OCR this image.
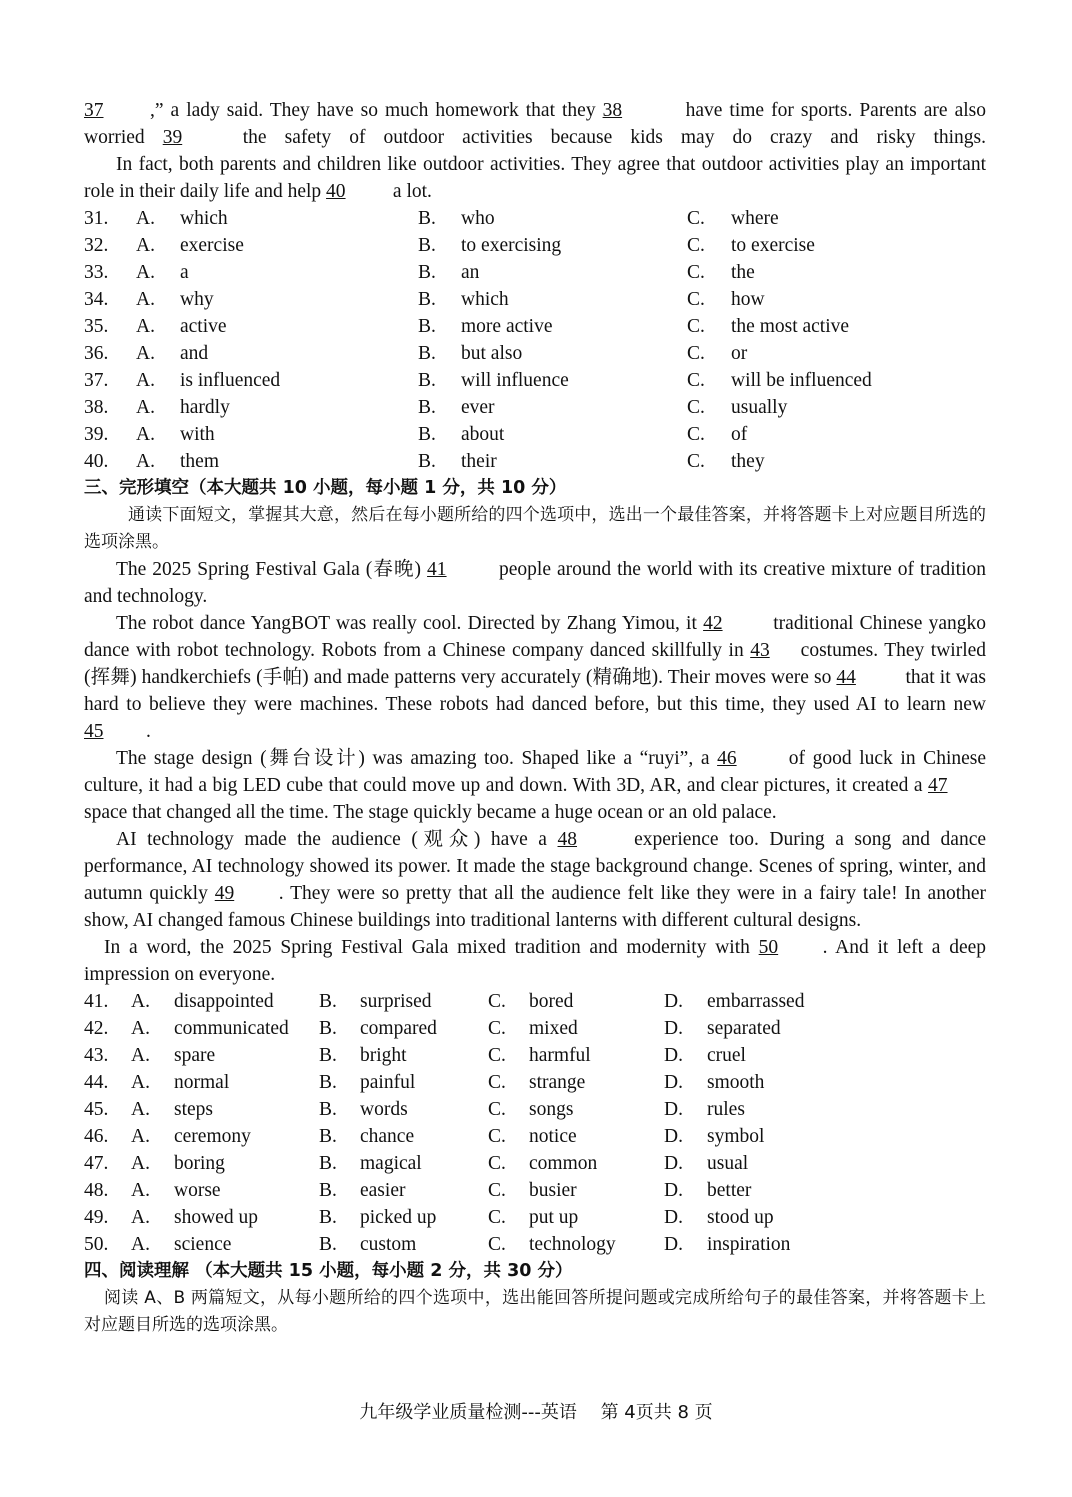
37 ,” a lady said. They have so much homework that they 38	have time for sports. Parents are also worried 39	the safety of outdoor activities because kids may do crazy and risky things.

In fact, both parents and children like outdoor activities. They agree that outdoor activities play an important role in their daily life and help 40 a lot.

31. A. which	B. who	C. where
32. A. exercise	B. to exercising	C. to exercise
33. A. a	B. an	C. the
34. A. why	B. which	C. how
35. A. active	B. more active	C. the most active
36. A. and	B. but also	C. or
37. A. is influenced	B. will influence	C. will be influenced
38. A. hardly	B. ever	C. usually
39. A. with	B. about	C. of
40. A. them	B. their	C. they

三、完形填空（本大题共 10 小题，每小题 1 分，共 10 分）

通读下面短文，掌握其大意，然后在每小题所给的四个选项中，选出一个最佳答案，并将答题卡上对应题目所选的选项涂黑。

The 2025 Spring Festival Gala (春晚) 41	people around the world with its creative mixture of tradition and technology.

The robot dance YangBOT was really cool. Directed by Zhang Yimou, it 42	traditional Chinese yangko dance with robot technology. Robots from a Chinese company danced skillfully in 43 costumes. They twirled (挥舞) handkerchiefs (手帕) and made patterns very accurately (精确地). Their moves were so 44	that it was hard to believe they were machines. These robots had danced before, but this time, they used AI to learn new 45 .

The stage design (舞台设计) was amazing too. Shaped like a “ruyi”, a 46	of good luck in Chinese culture, it had a big LED cube that could move up and down. With 3D, AR, and clear pictures, it created a 47 space that changed all the time. The stage quickly became a huge ocean or an old palace.

AI technology made the audience (观众) have a 48	experience too. During a song and dance performance, AI technology showed its power. It made the stage background change. Scenes of spring, winter, and autumn quickly 49 . They were so pretty that all the audience felt like they were in a fairy tale! In another show, AI changed famous Chinese buildings into traditional lanterns with different cultural designs.

In a word, the 2025 Spring Festival Gala mixed tradition and modernity with 50 . And it left a deep impression on everyone.

41. A. disappointed B. surprised	C. bored	D. embarrassed
42. A. communicated B. compared	C. mixed	D. separated
43. A. spare	B. bright	C. harmful	D. cruel
44. A. normal	B. painful	C. strange	D. smooth
45. A. steps	B. words	C. songs	D. rules
46. A. ceremony	B. chance	C. notice	D. symbol
47. A. boring	B. magical	C. common	D. usual
48. A. worse	B. easier	C. busier	D. better
49. A. showed up	B. picked up	C. put up	D. stood up
50. A. science	B. custom	C. technology D. inspiration

四、阅读理解 （本大题共 15 小题，每小题 2 分，共 30 分）

阅读 A、B 两篇短文，从每小题所给的四个选项中，选出能回答所提问题或完成所给句子的最佳答案，并将答题卡上对应题目所选的选项涂黑。

九年级学业质量检测---英语　 第 4页共 8 页
